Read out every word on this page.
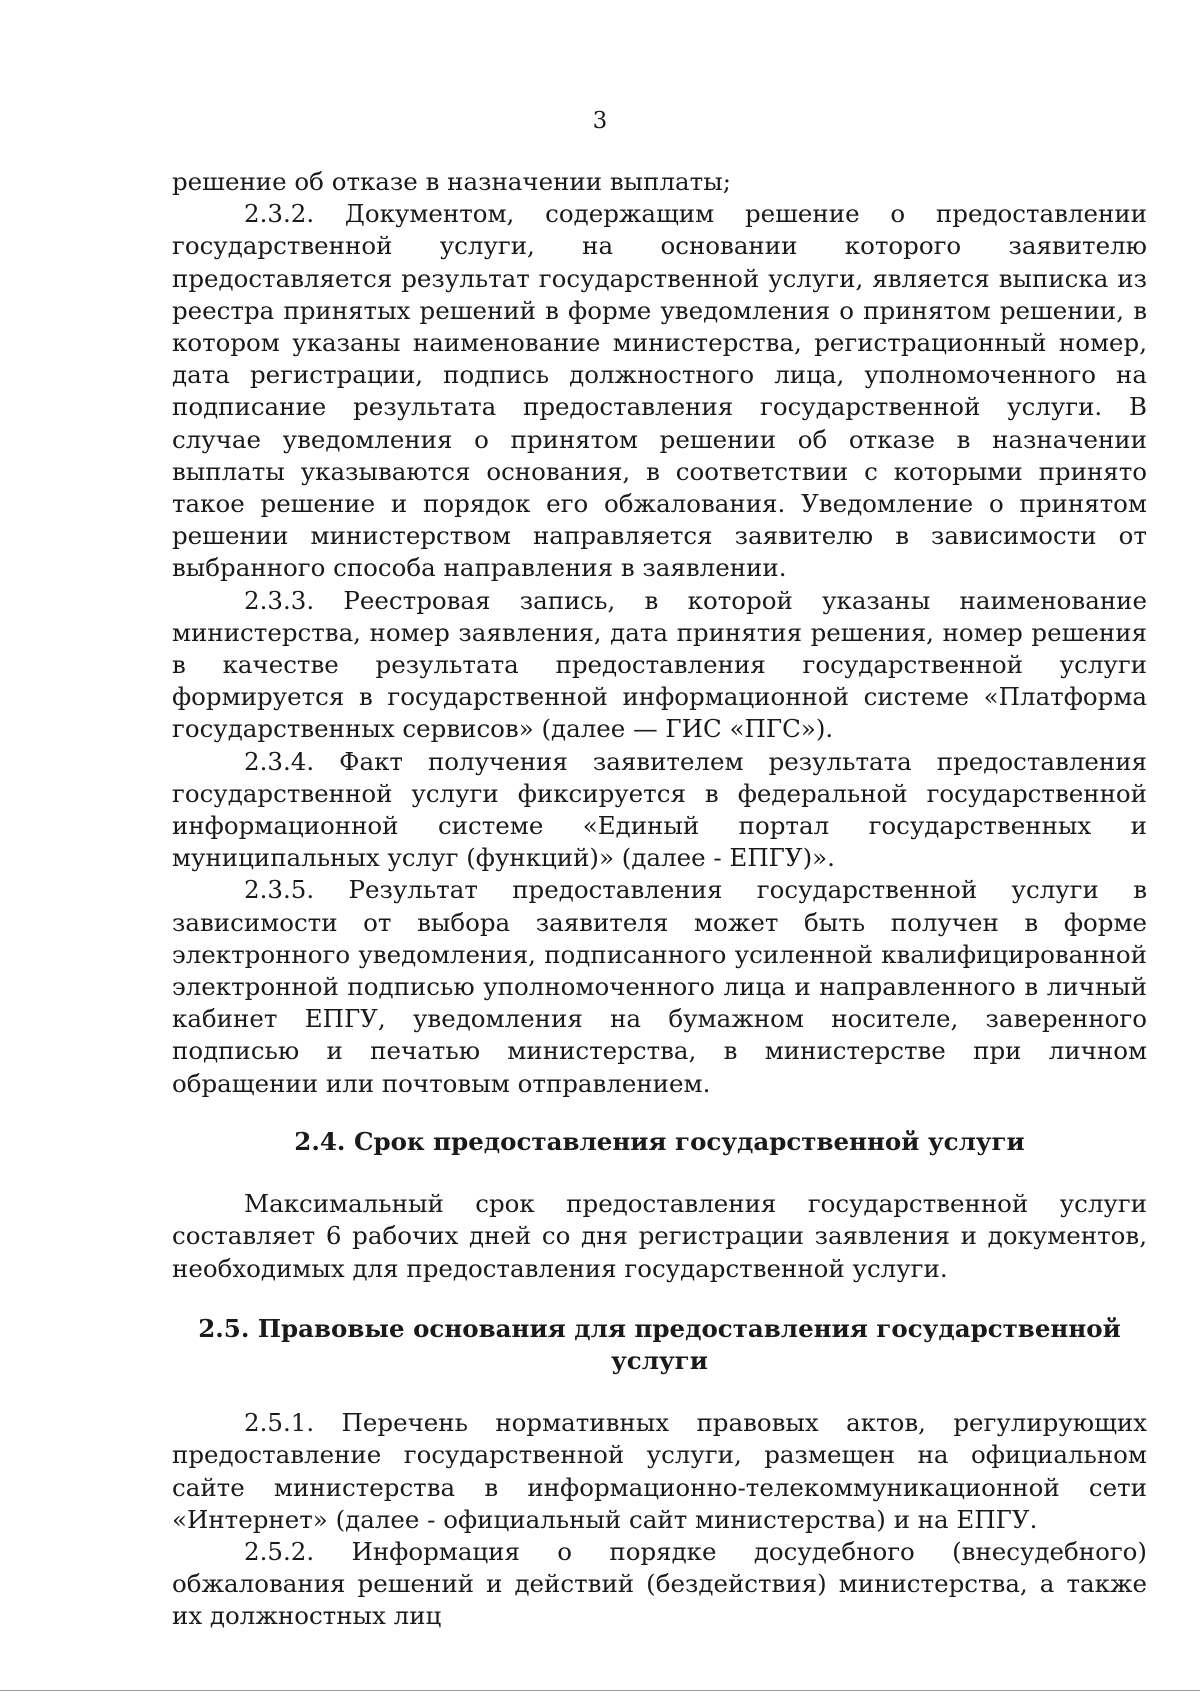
3

решение об отказе в назначении выплаты;

2.3.2. Документом, содержащим решение о предоставлении государственной услуги, на основании которого заявителю предоставляется результат государственной услуги, является выписка из реестра принятых решений в форме уведомления о принятом решении, в котором указаны наименование министерства, регистрационный номер, дата регистрации, подпись должностного лица, уполномоченного на подписание результата предоставления государственной услуги. В случае уведомления о принятом решении об отказе в назначении выплаты указываются основания, в соответствии с которыми принято такое решение и порядок его обжалования. Уведомление о принятом решении министерством направляется заявителю в зависимости от выбранного способа направления в заявлении.

2.3.3. Реестровая запись, в которой указаны наименование министерства, номер заявления, дата принятия решения, номер решения в качестве результата предоставления государственной услуги формируется в государственной информационной системе «Платформа государственных сервисов» (далее — ГИС «ПГС»).

2.3.4. Факт получения заявителем результата предоставления государственной услуги фиксируется в федеральной государственной информационной системе «Единый портал государственных и муниципальных услуг (функций)» (далее - ЕПГУ)».

2.3.5. Результат предоставления государственной услуги в зависимости от выбора заявителя может быть получен в форме электронного уведомления, подписанного усиленной квалифицированной электронной подписью уполномоченного лица и направленного в личный кабинет ЕПГУ, уведомления на бумажном носителе, заверенного подписью и печатью министерства, в министерстве при личном обращении или почтовым отправлением.

2.4. Срок предоставления государственной услуги

Максимальный срок предоставления государственной услуги составляет 6 рабочих дней со дня регистрации заявления и документов, необходимых для предоставления государственной услуги.

2.5. Правовые основания для предоставления государственной услуги

2.5.1. Перечень нормативных правовых актов, регулирующих предоставление государственной услуги, размещен на официальном сайте министерства в информационно-телекоммуникационной сети «Интернет» (далее - официальный сайт министерства) и на ЕПГУ.

2.5.2. Информация о порядке досудебного (внесудебного) обжалования решений и действий (бездействия) министерства, а также их должностных лиц
